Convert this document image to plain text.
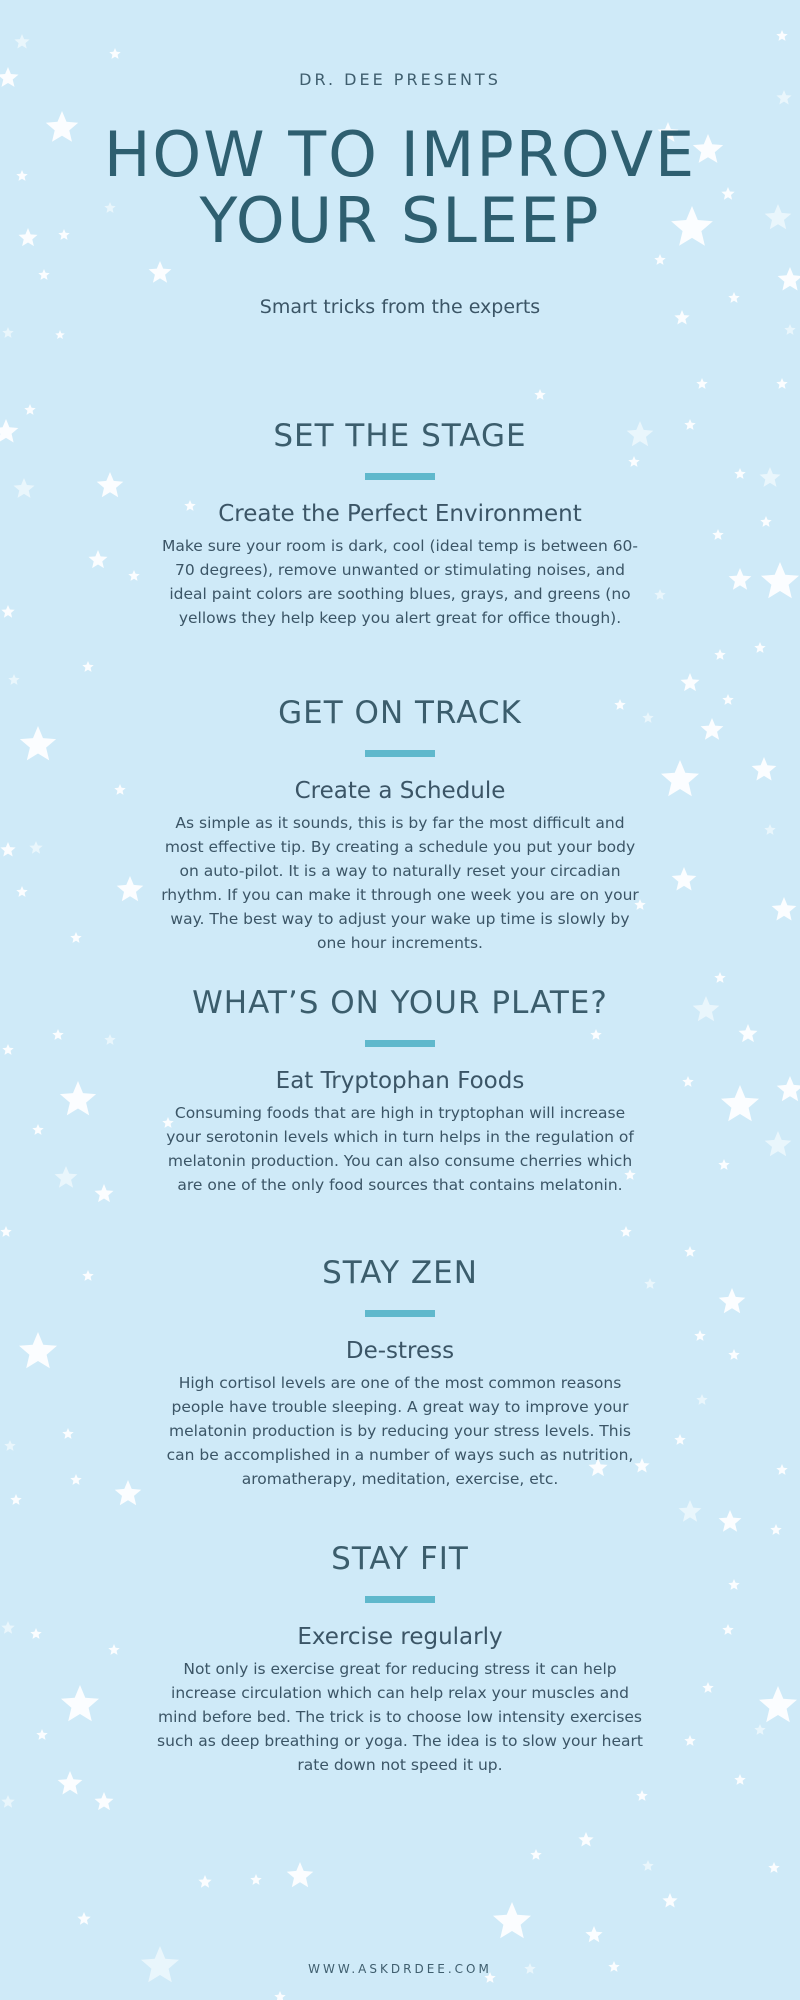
DR. DEE PRESENTS
HOW TO IMPROVE YOUR SLEEP
Smart tricks from the experts
SET THE STAGE
Create the Perfect Environment

Make sure your room is dark, cool (ideal temp is between 60-70 degrees), remove unwanted or stimulating noises, and ideal paint colors are soothing blues, grays, and greens (no yellows they help keep you alert great for office though).

GET ON TRACK
Create a Schedule

As simple as it sounds, this is by far the most difficult and most effective tip. By creating a schedule you put your body on auto-pilot. It is a way to naturally reset your circadian rhythm. If you can make it through one week you are on your way. The best way to adjust your wake up time is slowly by one hour increments.

WHAT’S ON YOUR PLATE?
Eat Tryptophan Foods

Consuming foods that are high in tryptophan will increase your serotonin levels which in turn helps in the regulation of melatonin production. You can also consume cherries which are one of the only food sources that contains melatonin.

STAY ZEN
De-stress

High cortisol levels are one of the most common reasons people have trouble sleeping. A great way to improve your melatonin production is by reducing your stress levels. This can be accomplished in a number of ways such as nutrition, aromatherapy, meditation, exercise, etc.

STAY FIT
Exercise regularly

Not only is exercise great for reducing stress it can help increase circulation which can help relax your muscles and mind before bed. The trick is to choose low intensity exercises such as deep breathing or yoga. The idea is to slow your heart rate down not speed it up.

WWW.ASKDRDEE.COM
